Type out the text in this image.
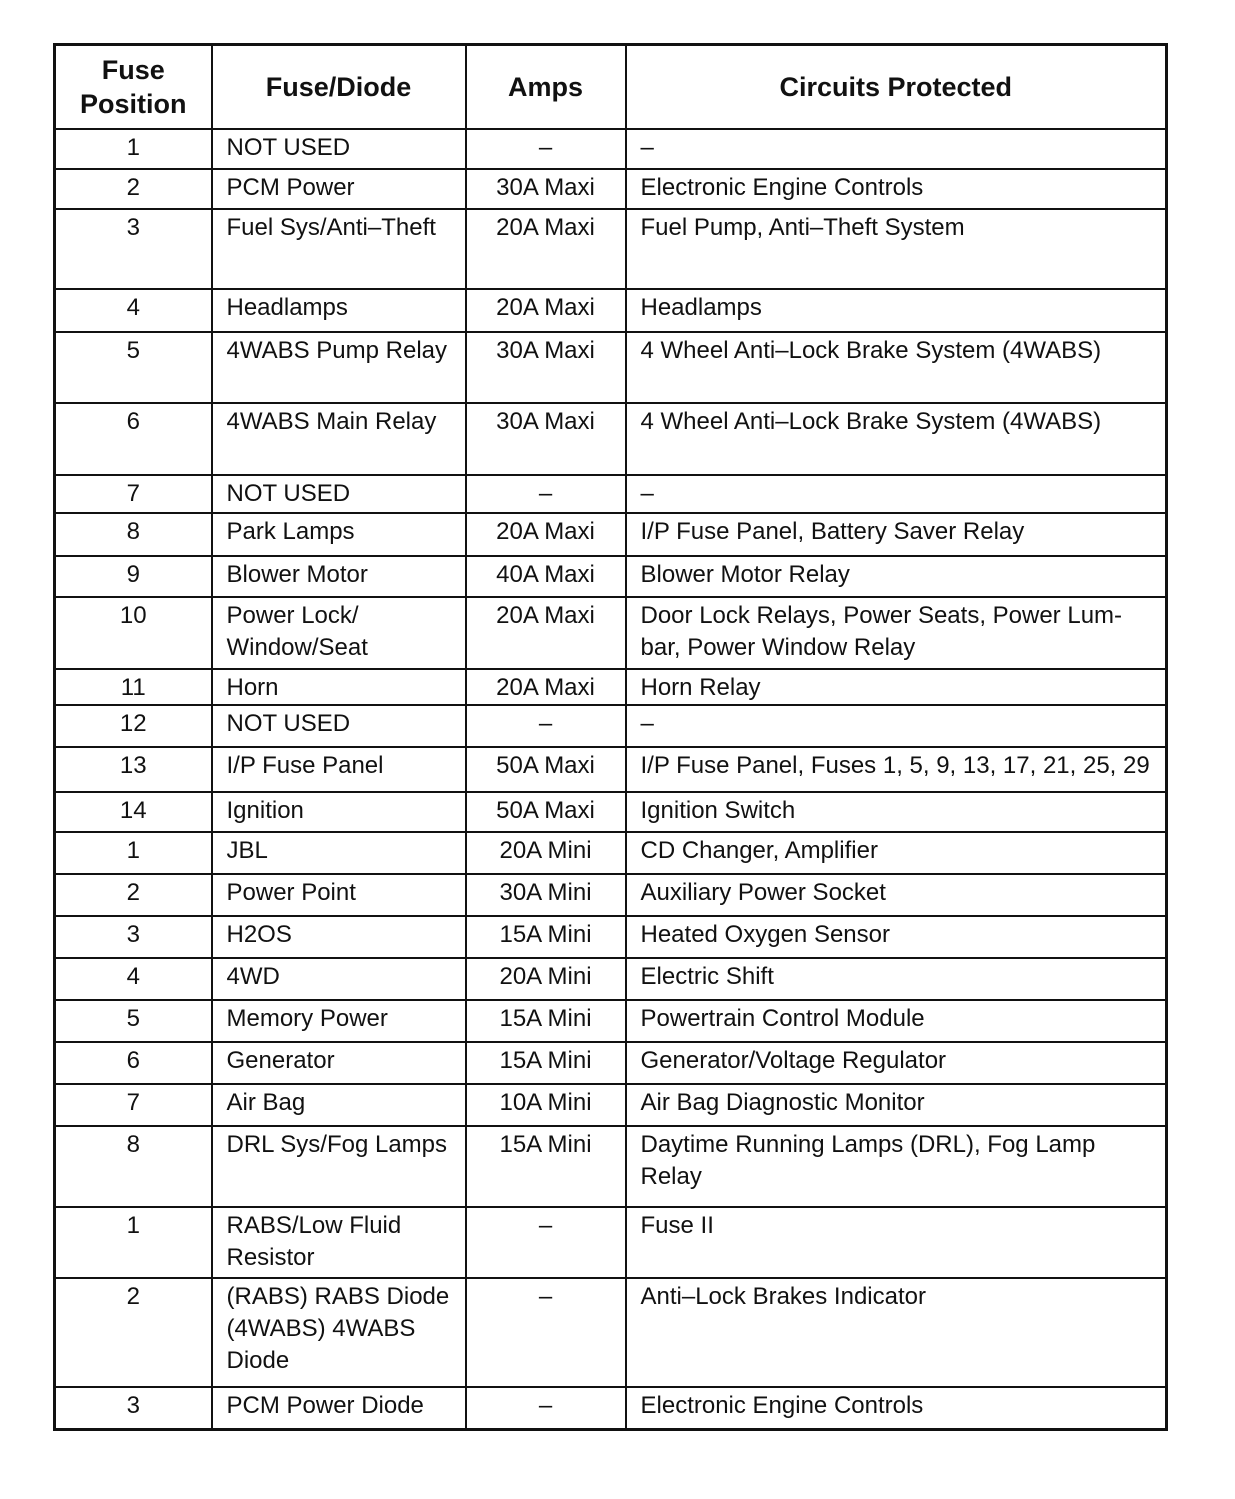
Fuse
Position	Fuse/Diode	Amps	Circuits Protected
1	NOT USED	–	–
2	PCM Power	30A Maxi	Electronic Engine Controls
3	Fuel Sys/Anti–Theft	20A Maxi	Fuel Pump, Anti–Theft System
4	Headlamps	20A Maxi	Headlamps
5	4WABS Pump Relay	30A Maxi	4 Wheel Anti–Lock Brake System (4WABS)
6	4WABS Main Relay	30A Maxi	4 Wheel Anti–Lock Brake System (4WABS)
7	NOT USED	–	–
8	Park Lamps	20A Maxi	I/P Fuse Panel, Battery Saver Relay
9	Blower Motor	40A Maxi	Blower Motor Relay
10	Power Lock/ Window/Seat	20A Maxi	Door Lock Relays, Power Seats, Power Lum-bar, Power Window Relay
11	Horn	20A Maxi	Horn Relay
12	NOT USED	–	–
13	I/P Fuse Panel	50A Maxi	I/P Fuse Panel, Fuses 1, 5, 9, 13, 17, 21, 25, 29
14	Ignition	50A Maxi	Ignition Switch
1	JBL	20A Mini	CD Changer, Amplifier
2	Power Point	30A Mini	Auxiliary Power Socket
3	H2OS	15A Mini	Heated Oxygen Sensor
4	4WD	20A Mini	Electric Shift
5	Memory Power	15A Mini	Powertrain Control Module
6	Generator	15A Mini	Generator/Voltage Regulator
7	Air Bag	10A Mini	Air Bag Diagnostic Monitor
8	DRL Sys/Fog Lamps	15A Mini	Daytime Running Lamps (DRL), Fog Lamp Relay
1	RABS/Low Fluid Resistor	–	Fuse II
2	(RABS) RABS Diode (4WABS) 4WABS Diode	–	Anti–Lock Brakes Indicator
3	PCM Power Diode	–	Electronic Engine Controls
